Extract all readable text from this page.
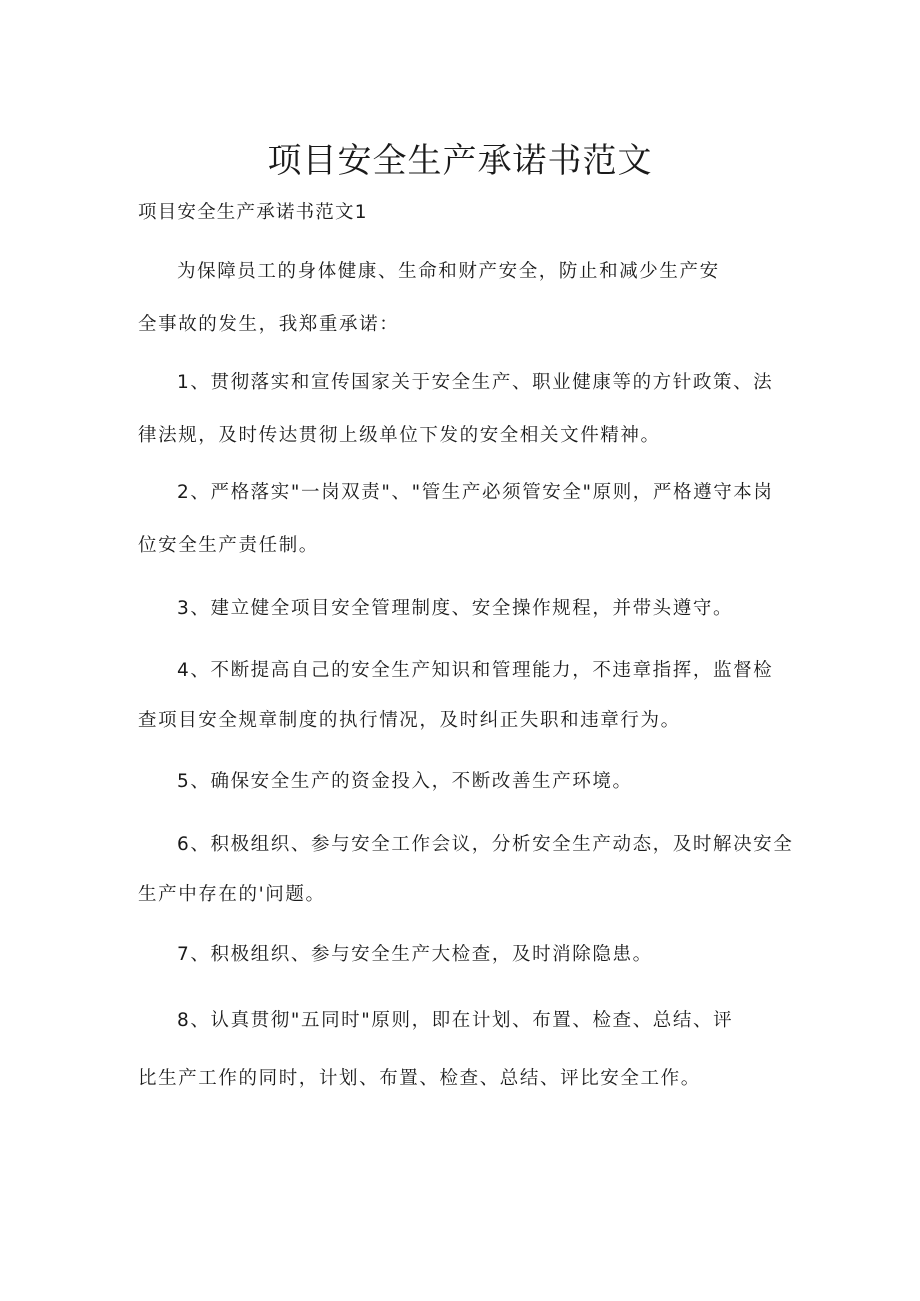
项目安全生产承诺书范文

项目安全生产承诺书范文1

为保障员工的身体健康、生命和财产安全，防止和减少生产安

全事故的发生，我郑重承诺：

1、贯彻落实和宣传国家关于安全生产、职业健康等的方针政策、法

律法规，及时传达贯彻上级单位下发的安全相关文件精神。

2、严格落实"一岗双责"、"管生产必须管安全"原则，严格遵守本岗

位安全生产责任制。

3、建立健全项目安全管理制度、安全操作规程，并带头遵守。

4、不断提高自己的安全生产知识和管理能力，不违章指挥，监督检

查项目安全规章制度的执行情况，及时纠正失职和违章行为。

5、确保安全生产的资金投入，不断改善生产环境。

6、积极组织、参与安全工作会议，分析安全生产动态，及时解决安全

生产中存在的'问题。

7、积极组织、参与安全生产大检查，及时消除隐患。

8、认真贯彻"五同时"原则，即在计划、布置、检查、总结、评

比生产工作的同时，计划、布置、检查、总结、评比安全工作。
